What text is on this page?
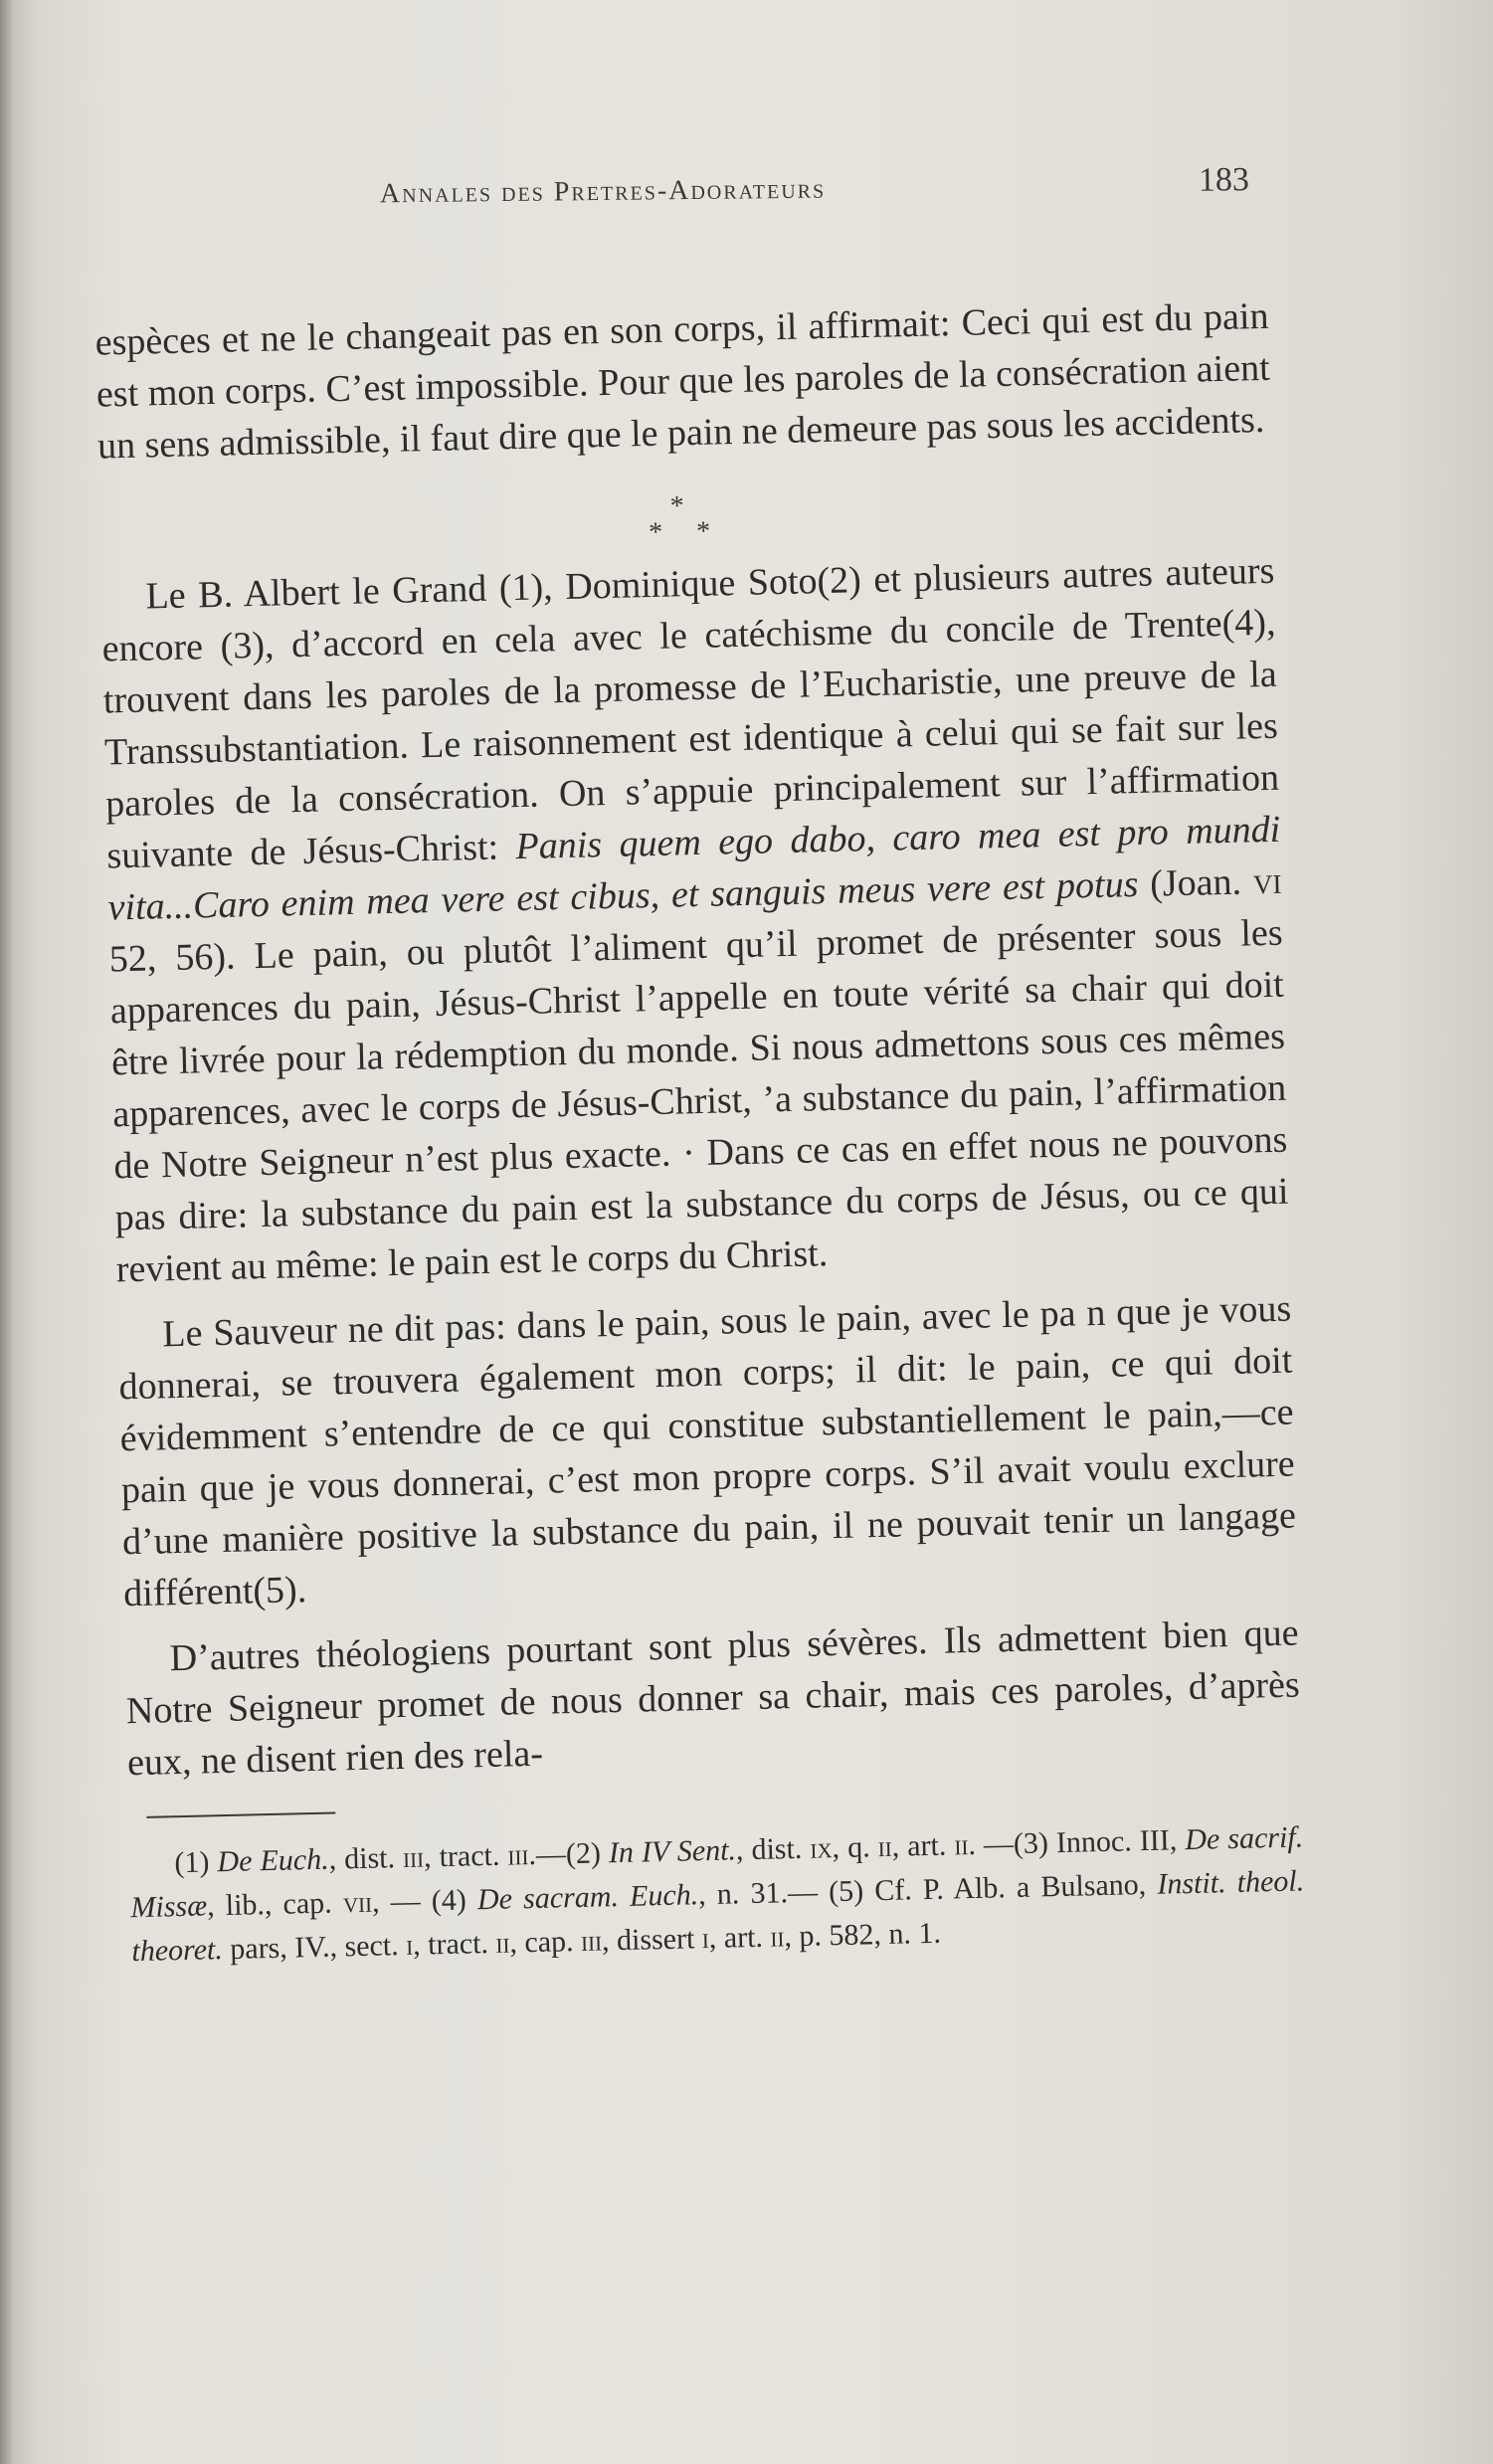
Annales des Pretres-Adorateurs	183

espèces et ne le changeait pas en son corps, il affirmait: Ceci qui est du pain est mon corps. C’est impossible. Pour que les paroles de la consécration aient un sens admissible, il faut dire que le pain ne demeure pas sous les accidents.

*
* *

Le B. Albert le Grand (1), Dominique Soto(2) et plusieurs autres auteurs encore (3), d’accord en cela avec le catéchisme du concile de Trente(4), trouvent dans les paroles de la promesse de l’Eucharistie, une preuve de la Transsubstantiation. Le raisonnement est identique à celui qui se fait sur les paroles de la consécration. On s’appuie principalement sur l’affirmation suivante de Jésus-Christ: Panis quem ego dabo, caro mea est pro mundi vita...Caro enim mea vere est cibus, et sanguis meus vere est potus (Joan. vi 52, 56). Le pain, ou plutôt l’aliment qu’il promet de présenter sous les apparences du pain, Jésus-Christ l’appelle en toute vérité sa chair qui doit être livrée pour la rédemption du monde. Si nous admettons sous ces mêmes apparences, avec le corps de Jésus-Christ, ’a substance du pain, l’affirmation de Notre Seigneur n’est plus exacte. · Dans ce cas en effet nous ne pouvons pas dire: la substance du pain est la substance du corps de Jésus, ou ce qui revient au même: le pain est le corps du Christ.

Le Sauveur ne dit pas: dans le pain, sous le pain, avec le pa n que je vous donnerai, se trouvera également mon corps; il dit: le pain, ce qui doit évidemment s’entendre de ce qui constitue substantiellement le pain,—ce pain que je vous donnerai, c’est mon propre corps. S’il avait voulu exclure d’une manière positive la substance du pain, il ne pouvait tenir un langage différent(5).

D’autres théologiens pourtant sont plus sévères. Ils admettent bien que Notre Seigneur promet de nous donner sa chair, mais ces paroles, d’après eux, ne disent rien des rela-

(1) De Euch., dist. iii, tract. iii.—(2) In IV Sent., dist. ix, q. ii, art. ii. —(3) Innoc. III, De sacrif. Missæ, lib., cap. vii, — (4) De sacram. Euch., n. 31.— (5) Cf. P. Alb. a Bulsano, Instit. theol. theoret. pars, IV., sect. i, tract. ii, cap. iii, dissert i, art. ii, p. 582, n. 1.
